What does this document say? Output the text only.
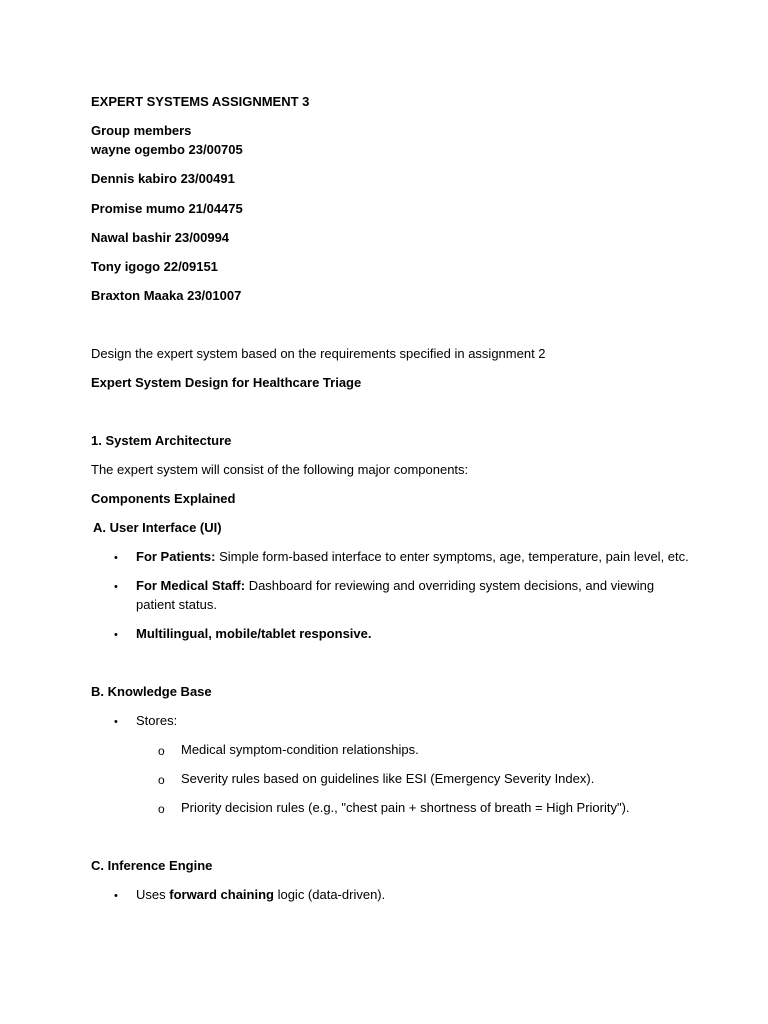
EXPERT SYSTEMS ASSIGNMENT 3
Group members
wayne ogembo 23/00705
Dennis kabiro 23/00491
Promise mumo 21/04475
Nawal bashir 23/00994
Tony igogo 22/09151
Braxton Maaka 23/01007
Design the expert system based on the requirements specified in assignment 2
Expert System Design for Healthcare Triage
1. System Architecture
The expert system will consist of the following major components:
Components Explained
A. User Interface (UI)
• For Patients: Simple form-based interface to enter symptoms, age, temperature, pain level, etc.
• For Medical Staff: Dashboard for reviewing and overriding system decisions, and viewing
patient status.
• Multilingual, mobile/tablet responsive.
B. Knowledge Base
• Stores:
o Medical symptom-condition relationships.
o Severity rules based on guidelines like ESI (Emergency Severity Index).
o Priority decision rules (e.g., "chest pain + shortness of breath = High Priority").
C. Inference Engine
• Uses forward chaining logic (data-driven).
